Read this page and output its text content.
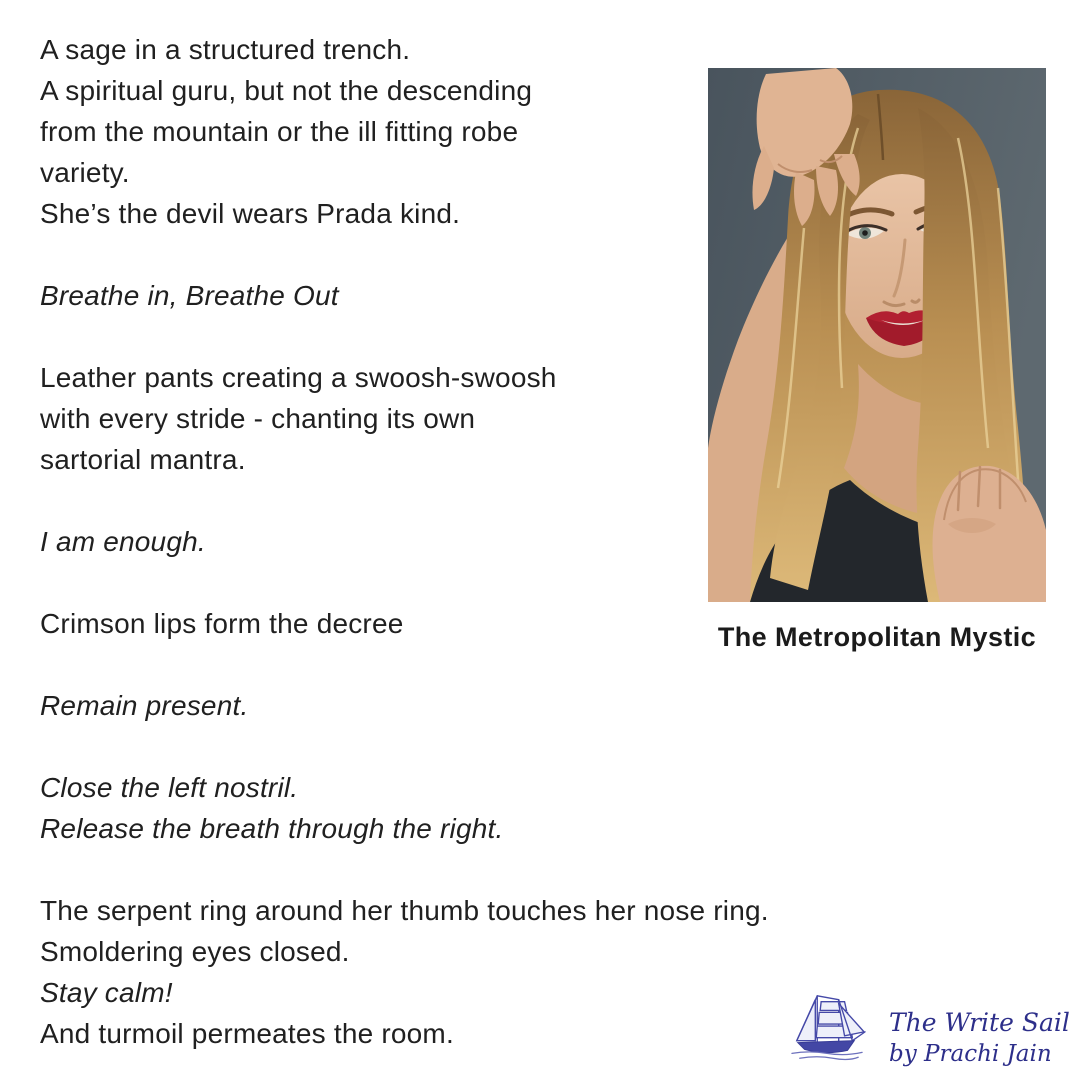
A sage in a structured trench.
A spiritual guru, but not the descending
from the mountain or the ill fitting robe
variety.
She’s the devil wears Prada kind.
Breathe in, Breathe Out
Leather pants creating a swoosh-swoosh
with every stride - chanting its own
sartorial mantra.
I am enough.
Crimson lips form the decree
Remain present.
Close the left nostril.
Release the breath through the right.
The serpent ring around her thumb touches her nose ring.
Smoldering eyes closed.
Stay calm!
And turmoil permeates the room.
The Metropolitan Mystic
The Write Sail
by Prachi Jain
